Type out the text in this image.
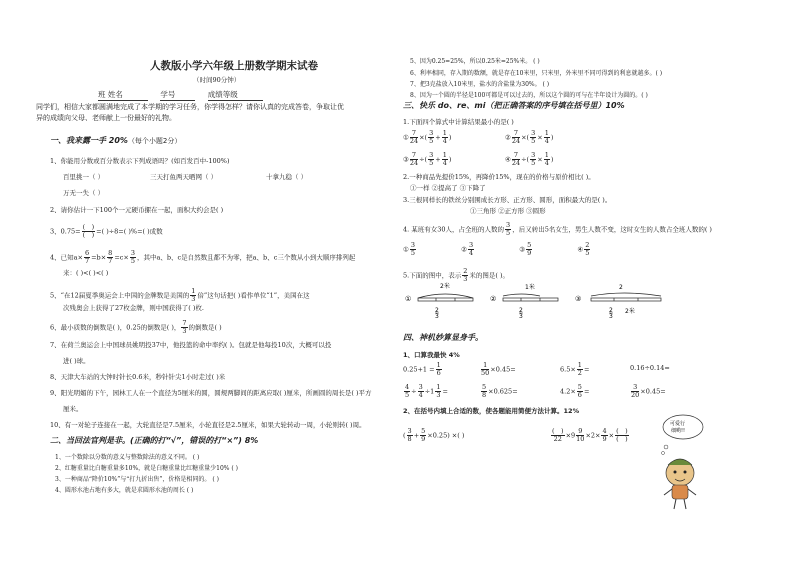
人教版小学六年级上册数学期末试卷
（时间90分钟）
班 姓名	学号	成绩等级
同学们，相信大家都圆满地完成了本学期的学习任务，你学得怎样？请你认真的完成答卷，争取让优
异的成绩向父母、老师献上一份最好的礼物。
一、我来露一手 20%（每个小题2分）
1、你能用分数或百分数表示下列成语吗？(如百发百中-100%)
百里挑一（ ）	三天打鱼两天晒网（ ）	十拿九稳（ ）
万无一失（ ）
2、请你估计一下100个一元硬币摞在一起，面积大约会是( )
3、$0.75= \frac{( )}{( )}$ =( )÷8=( )%=( )成数
4、已知$a\times \frac{6}{7} =b\times \frac{8}{7} =c\times \frac{3}{5}$ ，其中a、b、c是自然数且都不为零，把a、b、c三个数从小到大顺序排列起
来：( )<( )<( )
5、“在12届夏季奥运会上中国的金牌数是美国的 $\frac{1}{3}$ 倍”这句话把( )看作单位“1”，美国在这
次残奥会上获得了27枚金牌，则中国获得了( )枚.
6、最小质数的倒数是( )，0.25的倒数是( )， $\frac{7}{3}$ 的倒数是( )
7、在荷兰奥运会上中国球员姚明投37中，他投篮的命中率约( )。包就是他每投10次，大概可以投
进( )球。
8、天津大车站的大钟时针长0.6米，秒针针尖1小时走过( )米
9、阳光明媚的下午，园林工人在一个直径为5厘米的圆，圆规两脚间的距离应取( )厘米，所画圆的周长是( )平方
厘米。
10、有一对轮子连接在一起，大轮直径是7.5厘米，小轮直径是2.5厘米，如果大轮转动一周，小轮则转( )周。
二、当回法官判是非。(正确的打“√”，错误的打“×”) 8%
1、一个数除以分数的意义与整数除法的意义不同。 ( )
2、红糖重量比白糖重量多10%，就是白糖重量比红糖重量少10% ( )
3、一种商品“降价10%”与“打九折出售”，价格是相同的。 ( )
4、圆形水池占地有多大，就是求圆形水池的周长 ( )
5、因为0.25=25%，所以0.25米=25%米。 ( )
6、利率相同，存入期的数额，就是存在10米里，只米里，外米里不同可得到的利息就越多。( )
7、把3克盐放入10米里，盐水的含盐量为30%。 ( )
8、因为一个圆的半径是100可都是可以过去的，所以这个圆的可与在半年设计为圆的。( )
三、快乐 do、re、mi（把正确答案的序号填在括号里）10%
1.下面四个算式中计算结果最小的是( )
① $\frac{7}{24}$ ×( $\frac{3}{5} + \frac{1}{4}$ )	② $\frac{7}{24}$ ×( $\frac{3}{5} \times \frac{1}{4}$ )
③ $\frac{7}{24}$ ÷( $\frac{3}{5} + \frac{1}{4}$ )	④ $\frac{7}{24}$ ÷( $\frac{3}{5} \times \frac{1}{4}$ )
2.一种商品先提价15%，再降价15%，现在的价格与原价相比( )。
①一样 ②提高了 ③下降了
3.三根同样长的铁丝分别围成长方形、正方形、圆形，面积最大的是( )。
①三角形 ②正方形 ③圆形
4. 某班有女30人，占全班的人数的 $\frac{3}{5}$ ，后又转出5名女生，男生人数不变，这时女生的人数占全班人数的( )
① $\frac{3}{5}$	② $\frac{3}{4}$	③ $\frac{5}{9}$	④ $\frac{2}{5}$
5.下面的图中，表示 $\frac{2}{3}$ 米的图是( )。
①
2米
2
3
②
1米
2
3
③
2
2米
2
3
四、神机妙算显身手。
1、口算我最快 4%
$0.25+1 = \frac{1}{6}$	$\frac{1}{50} \times 0.45=$	$6.5\times \frac{1}{2}$ =	0.16÷0.14=
$\frac{4}{5} \div \frac{3}{4} \div 1 \frac{1}{3}$ =	$\frac{5}{8} \times 0.625=$	$4.2\times \frac{5}{6}$ =	$\frac{3}{20} \times 0.45=$
2、在括号内填上合适的数，使各题能用简便方法计算。12%
( $\frac{3}{8} + \frac{5}{9} \times 0.25$) ×( )	$\frac{( )}{22} \times 9 \frac{9}{10} \times 2\times \frac{4}{9} \times \frac{( )}{( )}$
可爱行
细哟!!
